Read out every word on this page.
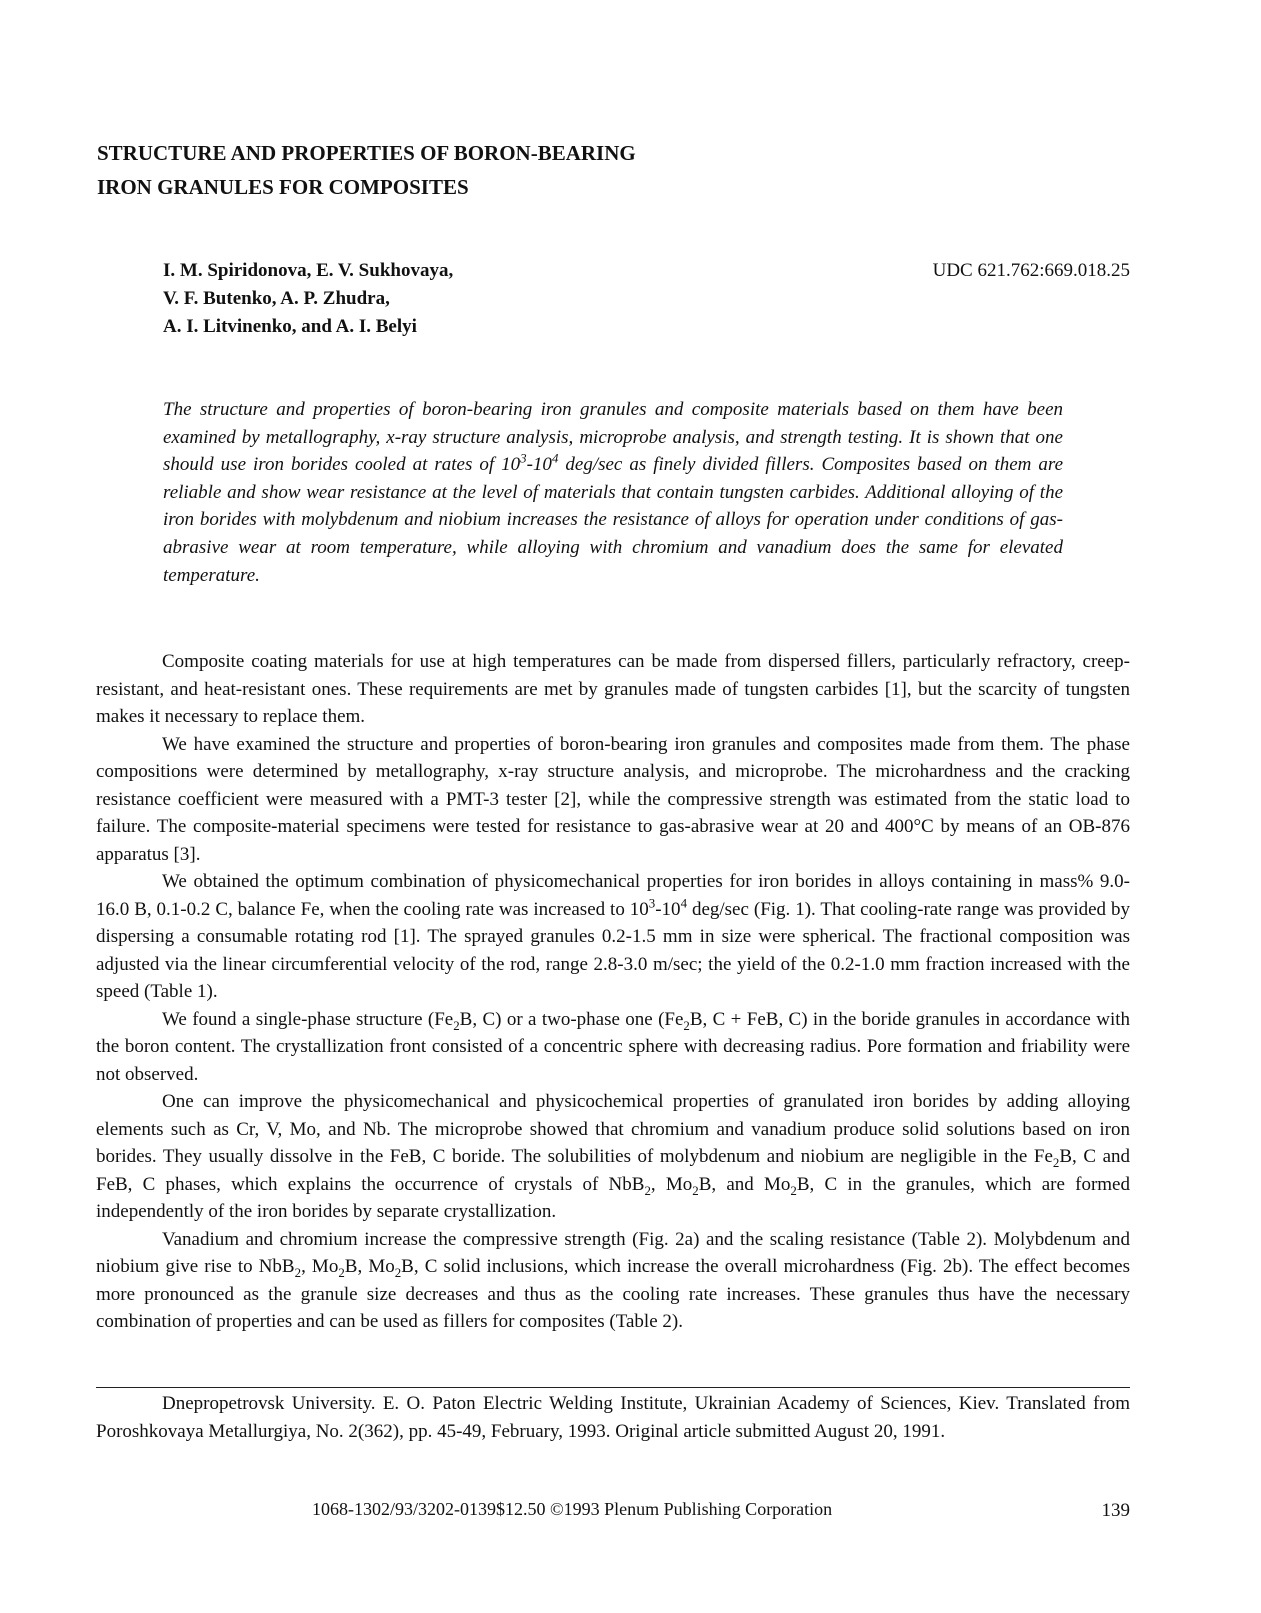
STRUCTURE AND PROPERTIES OF BORON-BEARING
IRON GRANULES FOR COMPOSITES
I. M. Spiridonova, E. V. Sukhovaya,
V. F. Butenko, A. P. Zhudra,
A. I. Litvinenko, and A. I. Belyi
UDC 621.762:669.018.25
The structure and properties of boron-bearing iron granules and composite materials based on them have been examined by metallography, x-ray structure analysis, microprobe analysis, and strength testing. It is shown that one should use iron borides cooled at rates of $10^3-10^4$ deg/sec as finely divided fillers. Composites based on them are reliable and show wear resistance at the level of materials that contain tungsten carbides. Additional alloying of the iron borides with molybdenum and niobium increases the resistance of alloys for operation under conditions of gas-abrasive wear at room temperature, while alloying with chromium and vanadium does the same for elevated temperature.

Composite coating materials for use at high temperatures can be made from dispersed fillers, particularly refractory, creep-resistant, and heat-resistant ones. These requirements are met by granules made of tungsten carbides [1], but the scarcity of tungsten makes it necessary to replace them.

We have examined the structure and properties of boron-bearing iron granules and composites made from them. The phase compositions were determined by metallography, x-ray structure analysis, and microprobe. The microhardness and the cracking resistance coefficient were measured with a PMT-3 tester [2], while the compressive strength was estimated from the static load to failure. The composite-material specimens were tested for resistance to gas-abrasive wear at 20 and 400°C by means of an OB-876 apparatus [3].

We obtained the optimum combination of physicomechanical properties for iron borides in alloys containing in mass% 9.0-16.0 B, 0.1-0.2 C, balance Fe, when the cooling rate was increased to $10^3-10^4$ deg/sec (Fig. 1). That cooling-rate range was provided by dispersing a consumable rotating rod [1]. The sprayed granules 0.2-1.5 mm in size were spherical. The fractional composition was adjusted via the linear circumferential velocity of the rod, range 2.8-3.0 m/sec; the yield of the 0.2-1.0 mm fraction increased with the speed (Table 1).

We found a single-phase structure ($Fe_2B$, C) or a two-phase one ($Fe_2B$, C + FeB, C) in the boride granules in accordance with the boron content. The crystallization front consisted of a concentric sphere with decreasing radius. Pore formation and friability were not observed.

One can improve the physicomechanical and physicochemical properties of granulated iron borides by adding alloying elements such as Cr, V, Mo, and Nb. The microprobe showed that chromium and vanadium produce solid solutions based on iron borides. They usually dissolve in the FeB, C boride. The solubilities of molybdenum and niobium are negligible in the $Fe_2B$, C and FeB, C phases, which explains the occurrence of crystals of NbB$_2$, $Mo_2B$, and $Mo_2B$, C in the granules, which are formed independently of the iron borides by separate crystallization.

Vanadium and chromium increase the compressive strength (Fig. 2a) and the scaling resistance (Table 2). Molybdenum and niobium give rise to NbB$_2$, $Mo_2B$, $Mo_2B$, C solid inclusions, which increase the overall microhardness (Fig. 2b). The effect becomes more pronounced as the granule size decreases and thus as the cooling rate increases. These granules thus have the necessary combination of properties and can be used as fillers for composites (Table 2).

Dnepropetrovsk University. E. O. Paton Electric Welding Institute, Ukrainian Academy of Sciences, Kiev. Translated from Poroshkovaya Metallurgiya, No. 2(362), pp. 45-49, February, 1993. Original article submitted August 20, 1991.

1068-1302/93/3202-0139$12.50 ©1993 Plenum Publishing Corporation	139
